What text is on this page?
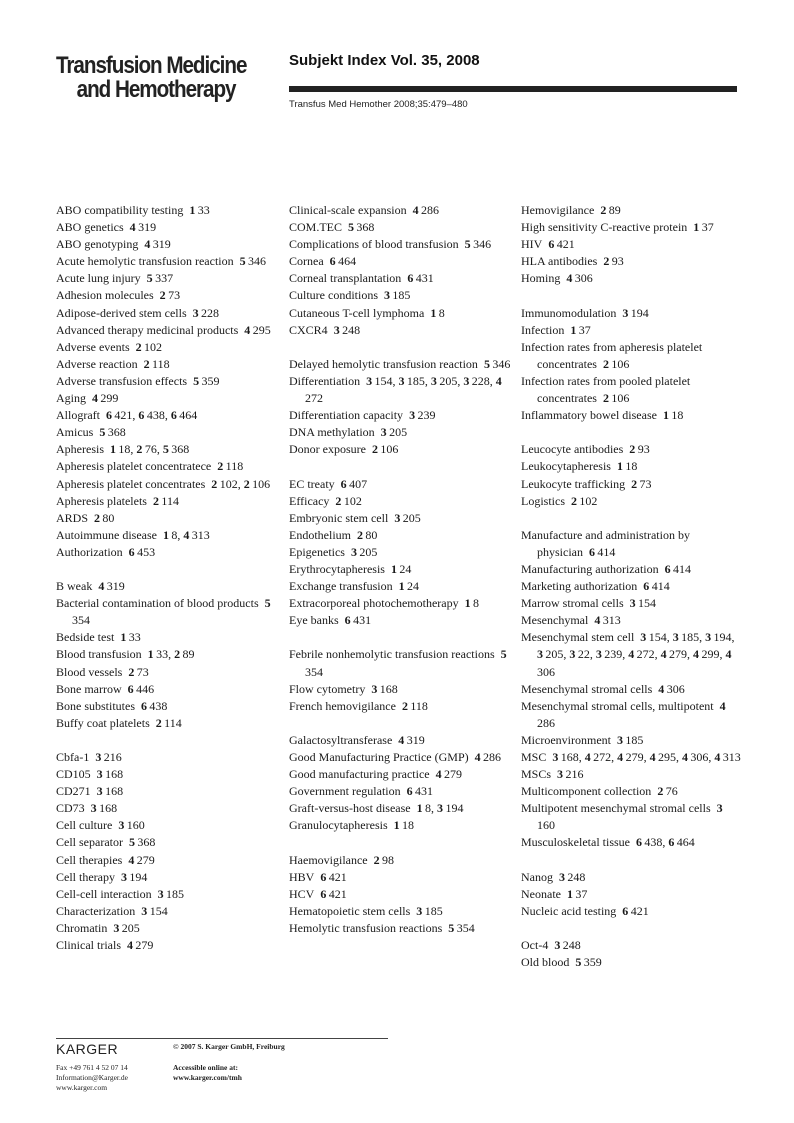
Transfusion Medicine
and Hemotherapy
Subjekt Index Vol. 35, 2008
Transfus Med Hemother 2008;35:479–480
ABO compatibility testing  1  33
ABO genetics  4  319
ABO genotyping  4  319
Acute hemolytic transfusion reaction  5  346
Acute lung injury  5  337
Adhesion molecules  2  73
Adipose-derived stem cells  3  228
Advanced therapy medicinal products  4  295
Adverse events  2  102
Adverse reaction  2  118
Adverse transfusion effects  5  359
Aging  4  299
Allograft  6  421, 6  438, 6  464
Amicus  5  368
Apheresis  1  18, 2  76, 5  368
Apheresis platelet concentratece  2  118
Apheresis platelet concentrates  2  102, 2  106
Apheresis platelets  2  114
ARDS  2  80
Autoimmune disease  1  8, 4  313
Authorization  6  453
B weak  4  319
Bacterial contamination of blood products  5 354
Bedside test  1  33
Blood transfusion  1  33, 2  89
Blood vessels  2  73
Bone marrow  6  446
Bone substitutes  6  438
Buffy coat platelets  2  114
Cbfa-1  3  216
CD105  3  168
CD271  3  168
CD73  3  168
Cell culture  3  160
Cell separator  5  368
Cell therapies  4  279
Cell therapy  3  194
Cell-cell interaction  3  185
Characterization  3  154
Chromatin  3  205
Clinical trials  4  279
Clinical-scale expansion  4  286
COM.TEC  5  368
Complications of blood transfusion  5  346
Cornea  6  464
Corneal transplantation  6  431
Culture conditions  3  185
Cutaneous T-cell lymphoma  1  8
CXCR4  3  248
Delayed hemolytic transfusion reaction  5  346
Differentiation  3  154, 3  185, 3  205, 3  228, 4 272
Differentiation capacity  3  239
DNA methylation  3  205
Donor exposure  2  106
EC treaty  6  407
Efficacy  2  102
Embryonic stem cell  3  205
Endothelium  2  80
Epigenetics  3  205
Erythrocytapheresis  1  24
Exchange transfusion  1  24
Extracorporeal photochemotherapy  1  8
Eye banks  6  431
Febrile nonhemolytic transfusion reactions  5 354
Flow cytometry  3  168
French hemovigilance  2  118
Galactosyltransferase  4  319
Good Manufacturing Practice (GMP)  4  286
Good manufacturing practice  4  279
Government regulation  6  431
Graft-versus-host disease  1  8, 3  194
Granulocytapheresis  1  18
Haemovigilance  2  98
HBV  6  421
HCV  6  421
Hematopoietic stem cells  3  185
Hemolytic transfusion reactions  5  354
Hemovigilance  2  89
High sensitivity C-reactive protein  1  37
HIV  6  421
HLA antibodies  2  93
Homing  4  306
Immunomodulation  3  194
Infection  1  37
Infection rates from apheresis platelet concentrates  2  106
Infection rates from pooled platelet concentrates  2  106
Inflammatory bowel disease  1  18
Leucocyte antibodies  2  93
Leukocytapheresis  1  18
Leukocyte trafficking  2  73
Logistics  2  102
Manufacture and administration by physician  6  414
Manufacturing authorization  6  414
Marketing authorization  6  414
Marrow stromal cells  3  154
Mesenchymal  4  313
Mesenchymal stem cell  3  154, 3  185, 3  194, 3  205, 3  22, 3  239, 4  272, 4  279, 4  299, 4 306
Mesenchymal stromal cells  4  306
Mesenchymal stromal cells, multipotent  4 286
Microenvironment  3  185
MSC  3  168, 4  272, 4  279, 4  295, 4  306, 4  313
MSCs  3  216
Multicomponent collection  2  76
Multipotent mesenchymal stromal cells  3 160
Musculoskeletal tissue  6  438, 6  464
Nanog  3  248
Neonate  1  37
Nucleic acid testing  6  421
Oct-4  3  248
Old blood  5  359
KARGER
Fax +49 761 4 52 07 14
Information@Karger.de
www.karger.com
© 2007 S. Karger GmbH, Freiburg
Accessible online at:
www.karger.com/tmh
